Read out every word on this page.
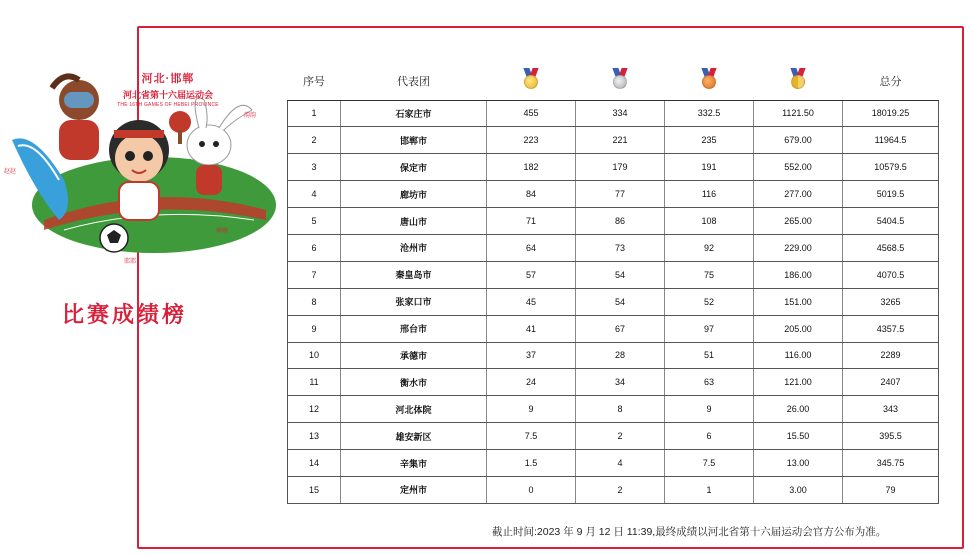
河北·邯郸
河北省第十六届运动会
THE 16TH GAMES OF HEBEI PROVINCE
赵赵
邯邯
郸郸
韵韵
比赛成绩榜
序号	代表团					总分
1	石家庄市	455	334	332.5	1121.50	18019.25
2	邯郸市	223	221	235	679.00	11964.5
3	保定市	182	179	191	552.00	10579.5
4	廊坊市	84	77	116	277.00	5019.5
5	唐山市	71	86	108	265.00	5404.5
6	沧州市	64	73	92	229.00	4568.5
7	秦皇岛市	57	54	75	186.00	4070.5
8	张家口市	45	54	52	151.00	3265
9	邢台市	41	67	97	205.00	4357.5
10	承德市	37	28	51	116.00	2289
11	衡水市	24	34	63	121.00	2407
12	河北体院	9	8	9	26.00	343
13	雄安新区	7.5	2	6	15.50	395.5
14	辛集市	1.5	4	7.5	13.00	345.75
15	定州市	0	2	1	3.00	79
截止时间:2023 年 9 月 12 日 11:39,最终成绩以河北省第十六届运动会官方公布为准。
